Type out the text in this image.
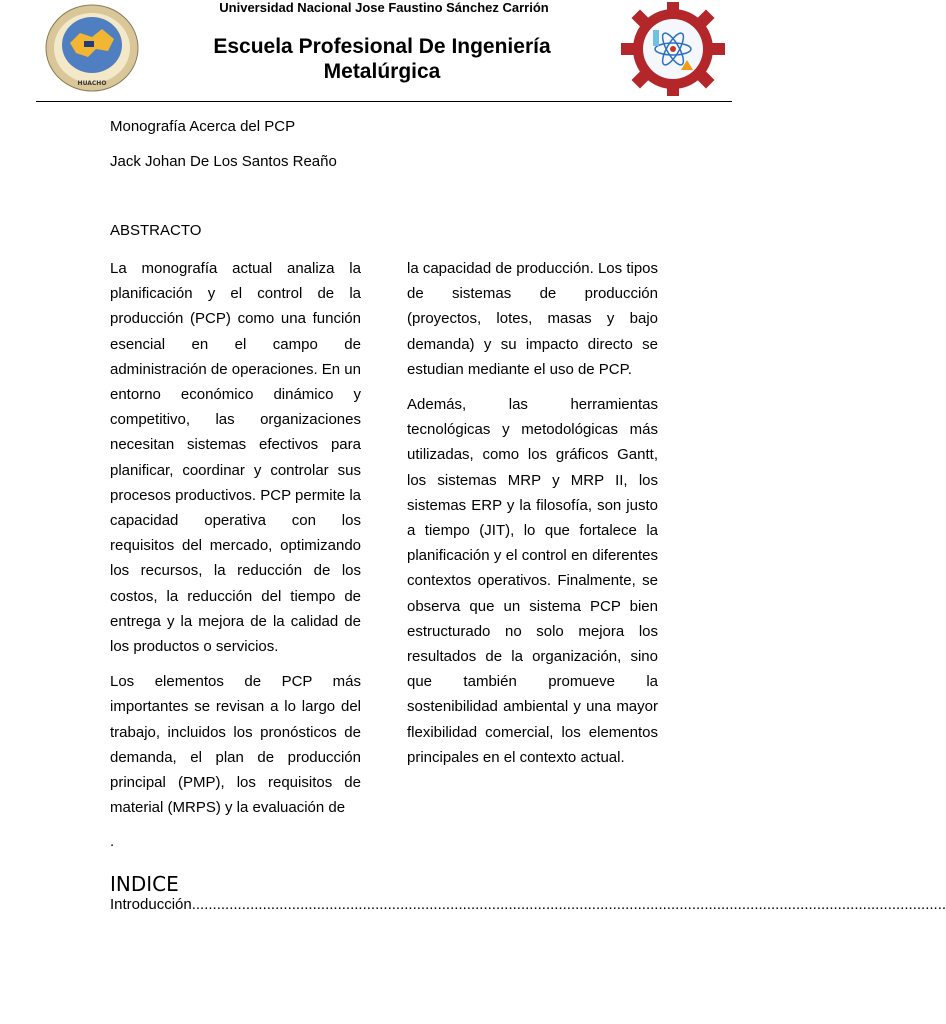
Universidad Nacional Jose Faustino Sánchez Carrión
HUACHO
Escuela Profesional De Ingeniería Metalúrgica
Monografía Acerca del PCP
Jack Johan De Los Santos Reaño
ABSTRACTO

La monografía actual analiza la planificación y el control de la producción (PCP) como una función esencial en el campo de administración de operaciones. En un entorno económico dinámico y competitivo, las organizaciones necesitan sistemas efectivos para planificar, coordinar y controlar sus procesos productivos. PCP permite la capacidad operativa con los requisitos del mercado, optimizando los recursos, la reducción de los costos, la reducción del tiempo de entrega y la mejora de la calidad de los productos o servicios.

Los elementos de PCP más importantes se revisan a lo largo del trabajo, incluidos los pronósticos de demanda, el plan de producción principal (PMP), los requisitos de material (MRPS) y la evaluación de

la capacidad de producción. Los tipos de sistemas de producción (proyectos, lotes, masas y bajo demanda) y su impacto directo se estudian mediante el uso de PCP.

Además, las herramientas tecnológicas y metodológicas más utilizadas, como los gráficos Gantt, los sistemas MRP y MRP II, los sistemas ERP y la filosofía, son justo a tiempo (JIT), lo que fortalece la planificación y el control en diferentes contextos operativos. Finalmente, se observa que un sistema PCP bien estructurado no solo mejora los resultados de la organización, sino que también promueve la sostenibilidad ambiental y una mayor flexibilidad comercial, los elementos principales en el contexto actual.

.
INDICE
Introducción.....................................................................................................................................................................................
